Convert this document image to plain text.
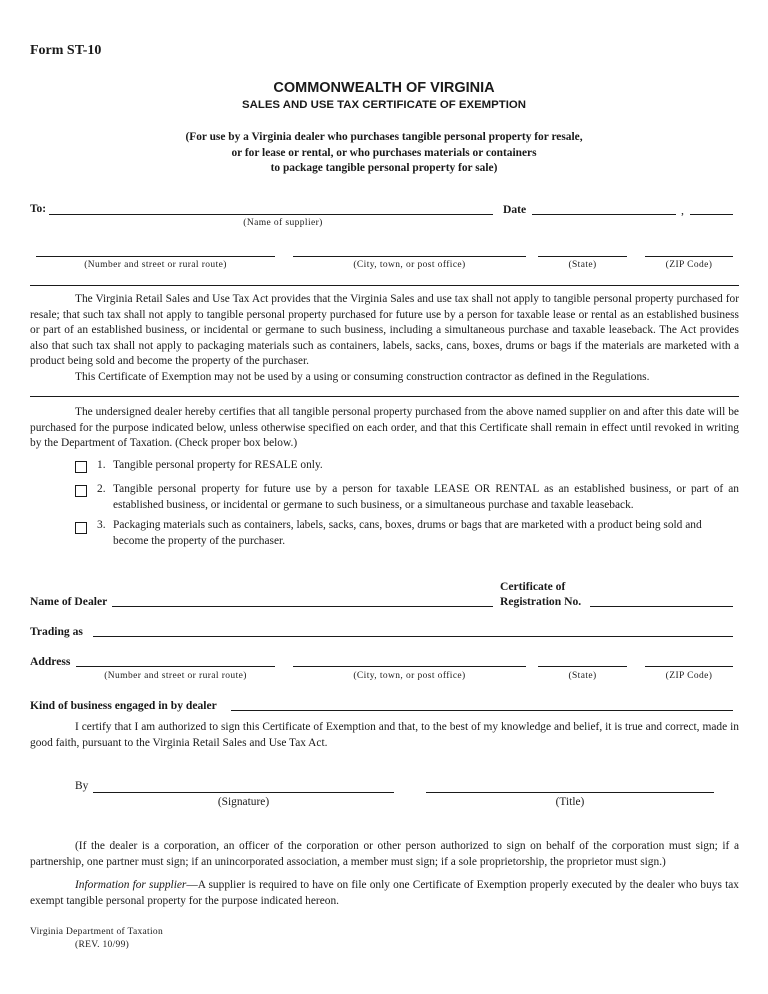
Form ST-10
COMMONWEALTH OF VIRGINIA
SALES AND USE TAX CERTIFICATE OF EXEMPTION
(For use by a Virginia dealer who purchases tangible personal property for resale,
or for lease or rental, or who purchases materials or containers
to package tangible personal property for sale)
To:	Date	,
(Name of supplier)
(Number and street or rural route)	(City, town, or post office)	(State)	(ZIP Code)

The Virginia Retail Sales and Use Tax Act provides that the Virginia Sales and use tax shall not apply to tangible personal property purchased for resale; that such tax shall not apply to tangible personal property purchased for future use by a person for taxable lease or rental as an established business or part of an established business, or incidental or germane to such business, including a simultaneous purchase and taxable leaseback. The Act provides also that such tax shall not apply to packaging materials such as containers, labels, sacks, cans, boxes, drums or bags if the materials are marketed with a product being sold and become the property of the purchaser.

This Certificate of Exemption may not be used by a using or consuming construction contractor as defined in the Regulations.

The undersigned dealer hereby certifies that all tangible personal property purchased from the above named supplier on and after this date will be purchased for the purpose indicated below, unless otherwise specified on each order, and that this Certificate shall remain in effect until revoked in writing by the Department of Taxation. (Check proper box below.)

1. Tangible personal property for RESALE only.
2. Tangible personal property for future use by a person for taxable LEASE OR RENTAL as an established business, or part of an established business, or incidental or germane to such business, or a simultaneous purchase and taxable leaseback.
3. Packaging materials such as containers, labels, sacks, cans, boxes, drums or bags that are marketed with a product being sold and become the property of the purchaser.
Certificate of
Name of Dealer	Registration No.
Trading as
Address
(Number and street or rural route)	(City, town, or post office)	(State)	(ZIP Code)
Kind of business engaged in by dealer

I certify that I am authorized to sign this Certificate of Exemption and that, to the best of my knowledge and belief, it is true and correct, made in good faith, pursuant to the Virginia Retail Sales and Use Tax Act.

By
(Signature)	(Title)

(If the dealer is a corporation, an officer of the corporation or other person authorized to sign on behalf of the corporation must sign; if a partnership, one partner must sign; if an unincorporated association, a member must sign; if a sole proprietorship, the proprietor must sign.)

Information for supplier—A supplier is required to have on file only one Certificate of Exemption properly executed by the dealer who buys tax exempt tangible personal property for the purpose indicated hereon.

Virginia Department of Taxation
(REV. 10/99)
